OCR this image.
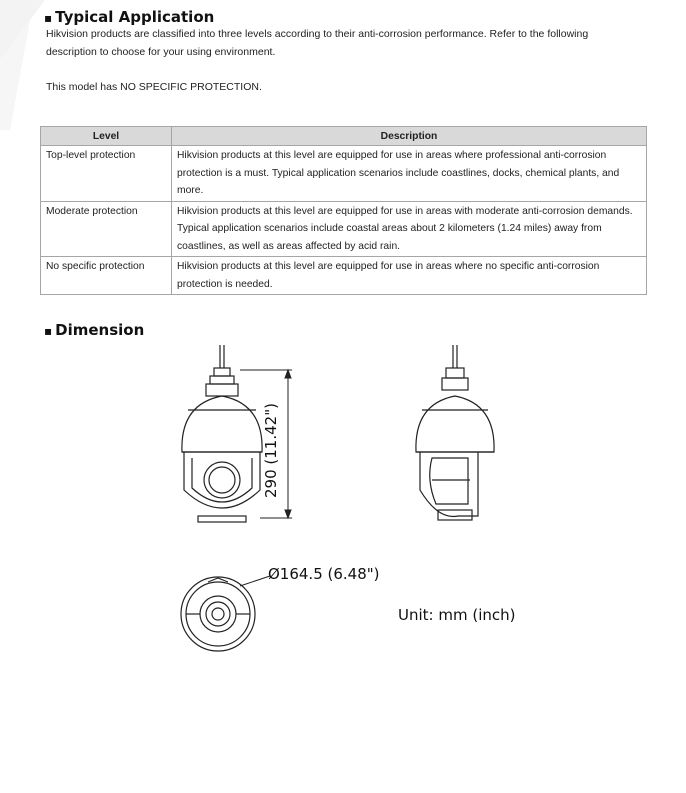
▪ Typical Application
Hikvision products are classified into three levels according to their anti-corrosion performance. Refer to the following
description to choose for your using environment.
This model has NO SPECIFIC PROTECTION.
Level	Description
Top-level protection	Hikvision products at this level are equipped for use in areas where professional anti-corrosion protection is a must. Typical application scenarios include coastlines, docks, chemical plants, and more.
Moderate protection	Hikvision products at this level are equipped for use in areas with moderate anti-corrosion demands. Typical application scenarios include coastal areas about 2 kilometers (1.24 miles) away from coastlines, as well as areas affected by acid rain.
No specific protection	Hikvision products at this level are equipped for use in areas where no specific anti-corrosion protection is needed.
▪ Dimension
290 (11.42")
Ø164.5 (6.48")
Unit: mm (inch)
